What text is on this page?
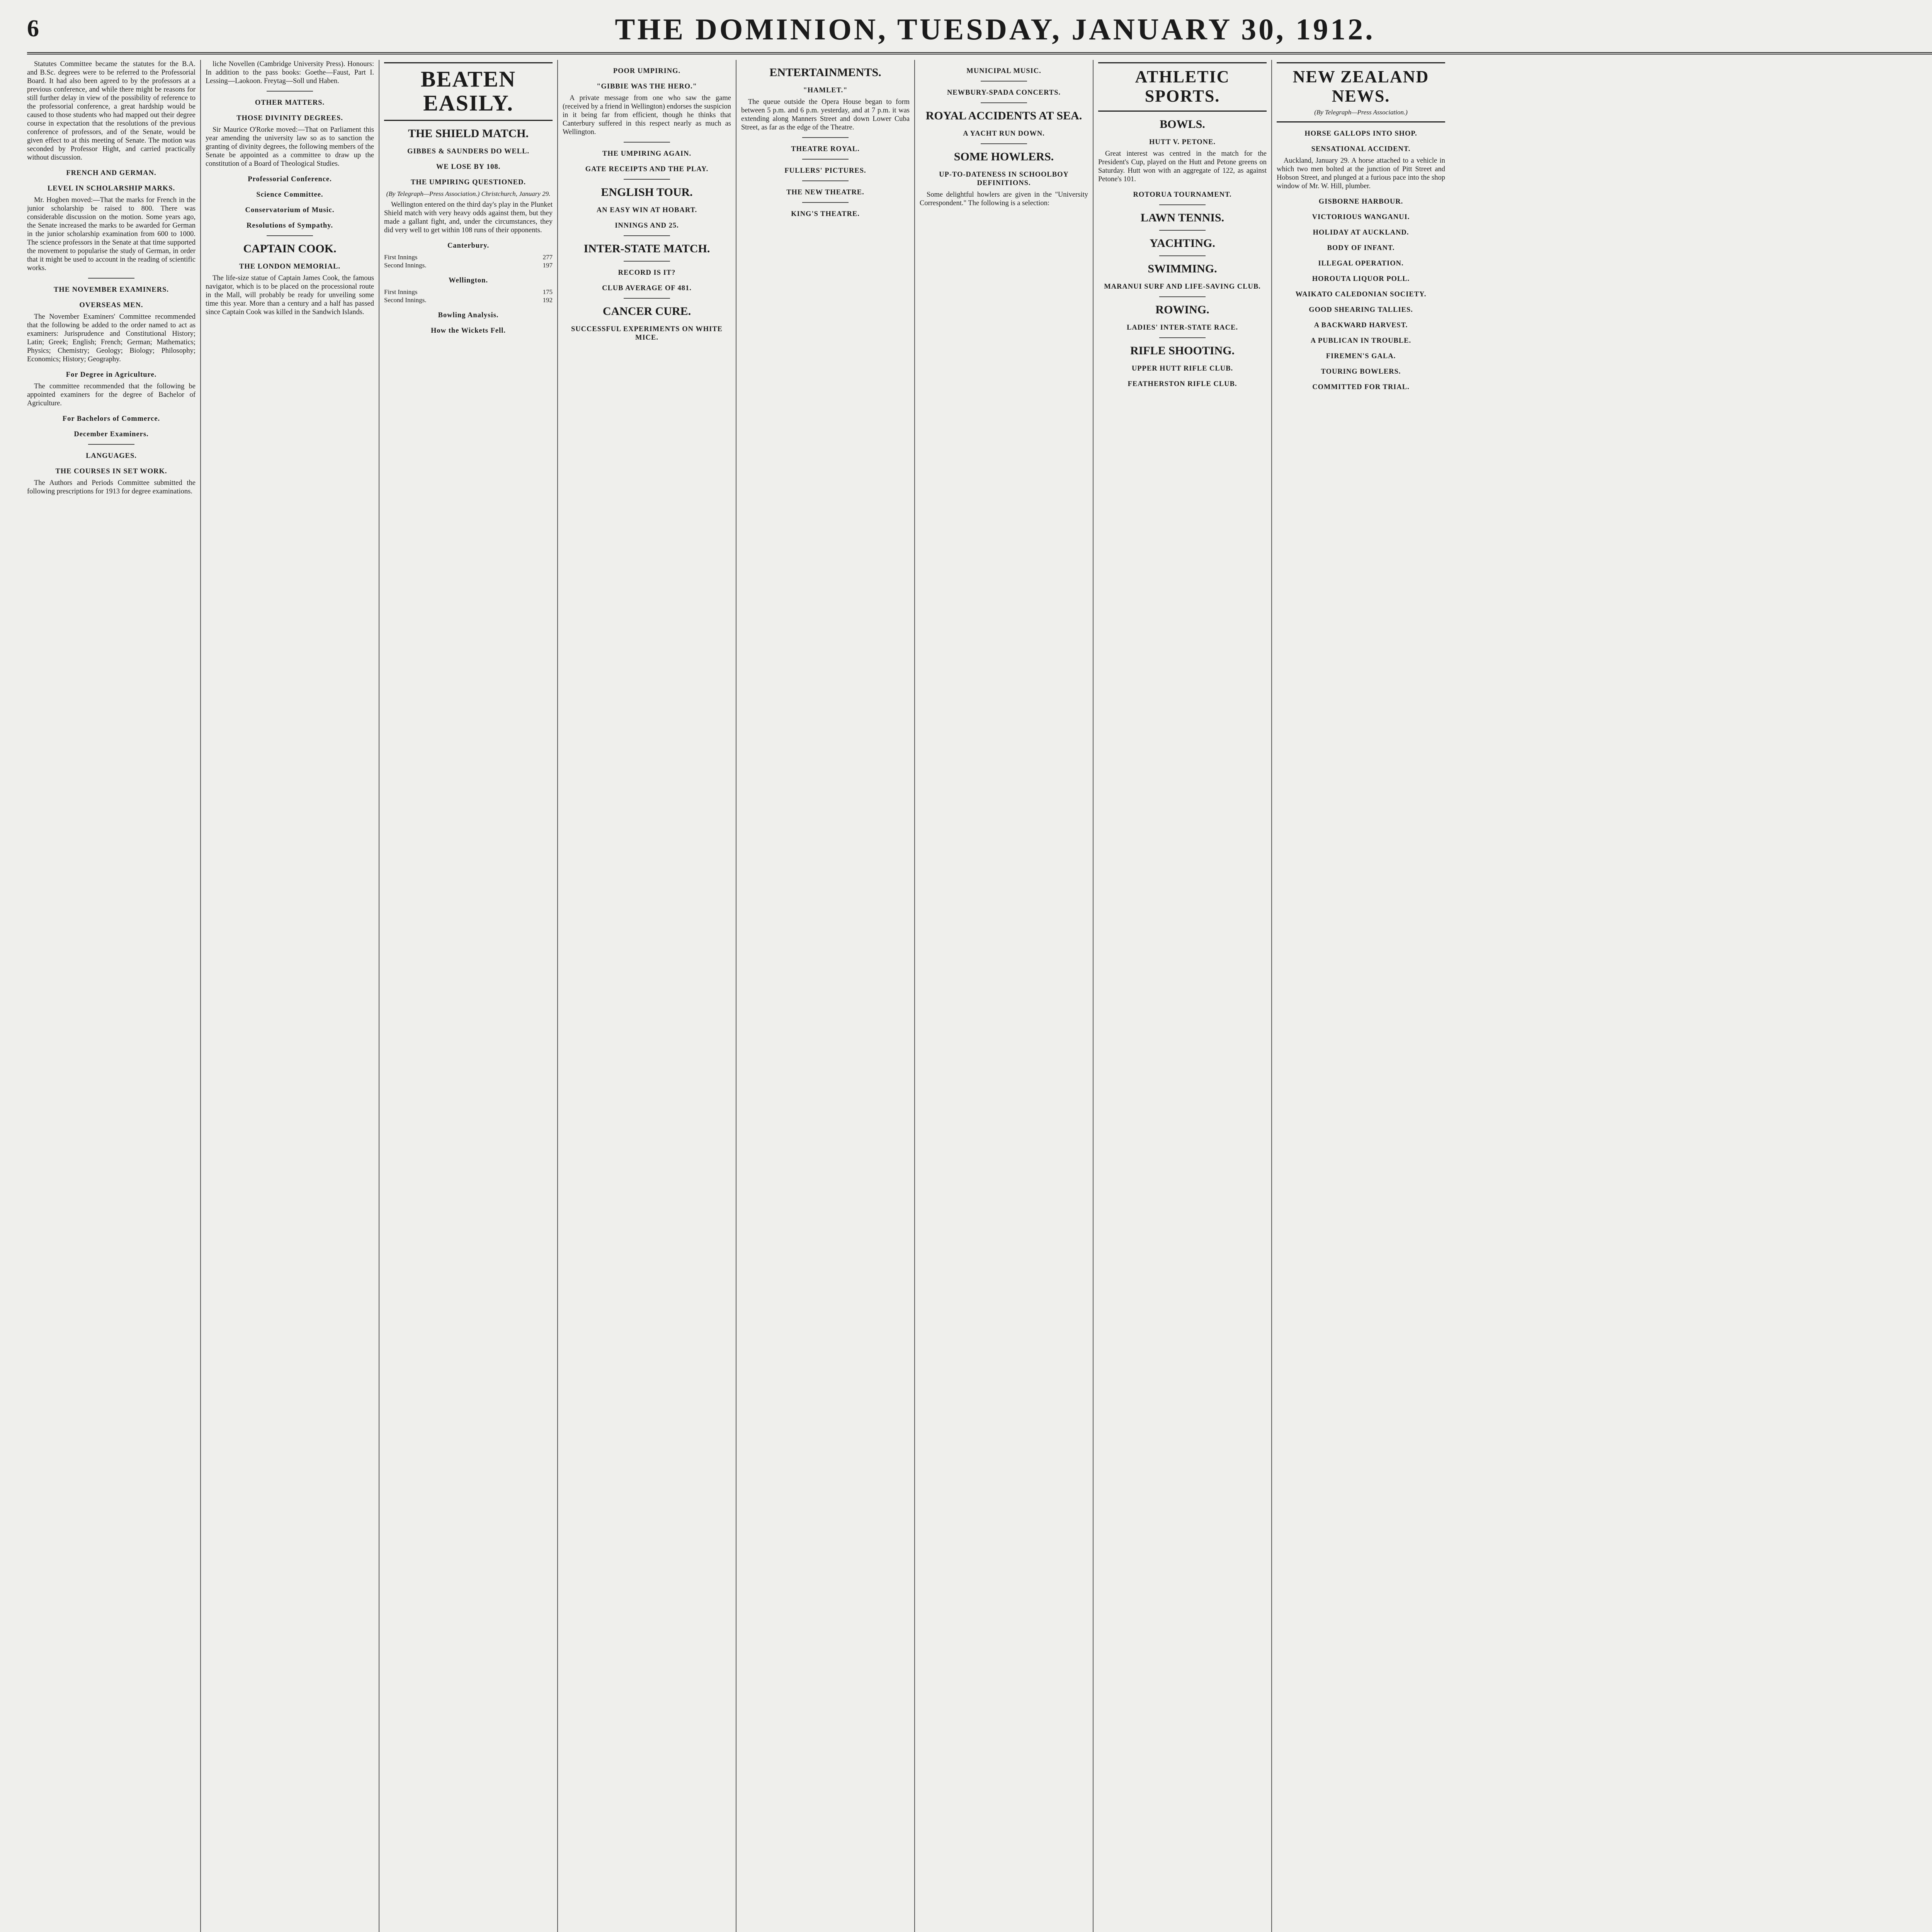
6	THE DOMINION, TUESDAY, JANUARY 30, 1912.

Statutes Committee became the statutes for the B.A. and B.Sc. degrees were to be referred to the Professorial Board. It had also been agreed to by the professors at a previous conference, and while there might be reasons for still further delay in view of the possibility of reference to the professorial conference, a great hardship would be caused to those students who had mapped out their degree course in expectation that the resolutions of the previous conference of professors, and of the Senate, would be given effect to at this meeting of Senate. The motion was seconded by Professor Hight, and carried practically without discussion.

FRENCH AND GERMAN.
LEVEL IN SCHOLARSHIP MARKS.

Mr. Hogben moved:—That the marks for French in the junior scholarship be raised to 800. There was considerable discussion on the motion. Some years ago, the Senate increased the marks to be awarded for German in the junior scholarship examination from 600 to 1000. The science professors in the Senate at that time supported the movement to popularise the study of German, in order that it might be used to account in the reading of scientific works.

THE NOVEMBER EXAMINERS.
OVERSEAS MEN.

The November Examiners' Committee recommended that the following be added to the order named to act as examiners: Jurisprudence and Constitutional History; Latin; Greek; English; French; German; Mathematics; Physics; Chemistry; Geology; Biology; Philosophy; Economics; History; Geography.

For Degree in Agriculture.

The committee recommended that the following be appointed examiners for the degree of Bachelor of Agriculture.

For Bachelors of Commerce.
December Examiners.
LANGUAGES.
THE COURSES IN SET WORK.

The Authors and Periods Committee submitted the following prescriptions for 1913 for degree examinations.

liche Novellen (Cambridge University Press). Honours: In addition to the pass books: Goethe—Faust, Part I. Lessing—Laokoon. Freytag—Soll und Haben.

OTHER MATTERS.
THOSE DIVINITY DEGREES.

Sir Maurice O'Rorke moved:—That on Parliament this year amending the university law so as to sanction the granting of divinity degrees, the following members of the Senate be appointed as a committee to draw up the constitution of a Board of Theological Studies.

Professorial Conference.
Science Committee.
Conservatorium of Music.
Resolutions of Sympathy.
CAPTAIN COOK.
THE LONDON MEMORIAL.

The life-size statue of Captain James Cook, the famous navigator, which is to be placed on the processional route in the Mall, will probably be ready for unveiling some time this year. More than a century and a half has passed since Captain Cook was killed in the Sandwich Islands.

BEATEN EASILY.
THE SHIELD MATCH.
GIBBES & SAUNDERS DO WELL.
WE LOSE BY 108.
THE UMPIRING QUESTIONED.
(By Telegraph—Press Association.) Christchurch, January 29.

Wellington entered on the third day's play in the Plunket Shield match with very heavy odds against them, but they made a gallant fight, and, under the circumstances, they did very well to get within 108 runs of their opponents.

Canterbury.
First Innings	277
Second Innings.	197
Wellington.
First Innings	175
Second Innings.	192
Bowling Analysis.
How the Wickets Fell.
POOR UMPIRING.
"GIBBIE WAS THE HERO."

A private message from one who saw the game (received by a friend in Wellington) endorses the suspicion in it being far from efficient, though he thinks that Canterbury suffered in this respect nearly as much as Wellington.

THE UMPIRING AGAIN.
GATE RECEIPTS AND THE PLAY.
ENGLISH TOUR.
AN EASY WIN AT HOBART.
INNINGS AND 25.
INTER-STATE MATCH.
RECORD IS IT?
CLUB AVERAGE OF 481.
CANCER CURE.
SUCCESSFUL EXPERIMENTS ON WHITE MICE.
ENTERTAINMENTS.
"HAMLET."

The queue outside the Opera House began to form between 5 p.m. and 6 p.m. yesterday, and at 7 p.m. it was extending along Manners Street and down Lower Cuba Street, as far as the edge of the Theatre.

THEATRE ROYAL.
FULLERS' PICTURES.
THE NEW THEATRE.
KING'S THEATRE.
MUNICIPAL MUSIC.
NEWBURY-SPADA CONCERTS.
ROYAL ACCIDENTS AT SEA.
A YACHT RUN DOWN.
SOME HOWLERS.
UP-TO-DATENESS IN SCHOOLBOY DEFINITIONS.

Some delightful howlers are given in the "University Correspondent." The following is a selection:

ATHLETIC SPORTS.
BOWLS.
HUTT V. PETONE.

Great interest was centred in the match for the President's Cup, played on the Hutt and Petone greens on Saturday. Hutt won with an aggregate of 122, as against Petone's 101.

ROTORUA TOURNAMENT.
LAWN TENNIS.
YACHTING.
SWIMMING.
MARANUI SURF AND LIFE-SAVING CLUB.
ROWING.
LADIES' INTER-STATE RACE.
RIFLE SHOOTING.
UPPER HUTT RIFLE CLUB.
FEATHERSTON RIFLE CLUB.
NEW ZEALAND NEWS.
(By Telegraph—Press Association.)
HORSE GALLOPS INTO SHOP.
SENSATIONAL ACCIDENT.

Auckland, January 29. A horse attached to a vehicle in which two men bolted at the junction of Pitt Street and Hobson Street, and plunged at a furious pace into the shop window of Mr. W. Hill, plumber.

GISBORNE HARBOUR.
VICTORIOUS WANGANUI.
HOLIDAY AT AUCKLAND.
BODY OF INFANT.
ILLEGAL OPERATION.
HOROUTA LIQUOR POLL.
WAIKATO CALEDONIAN SOCIETY.
GOOD SHEARING TALLIES.
A BACKWARD HARVEST.
A PUBLICAN IN TROUBLE.
FIREMEN'S GALA.
TOURING BOWLERS.
COMMITTED FOR TRIAL.
